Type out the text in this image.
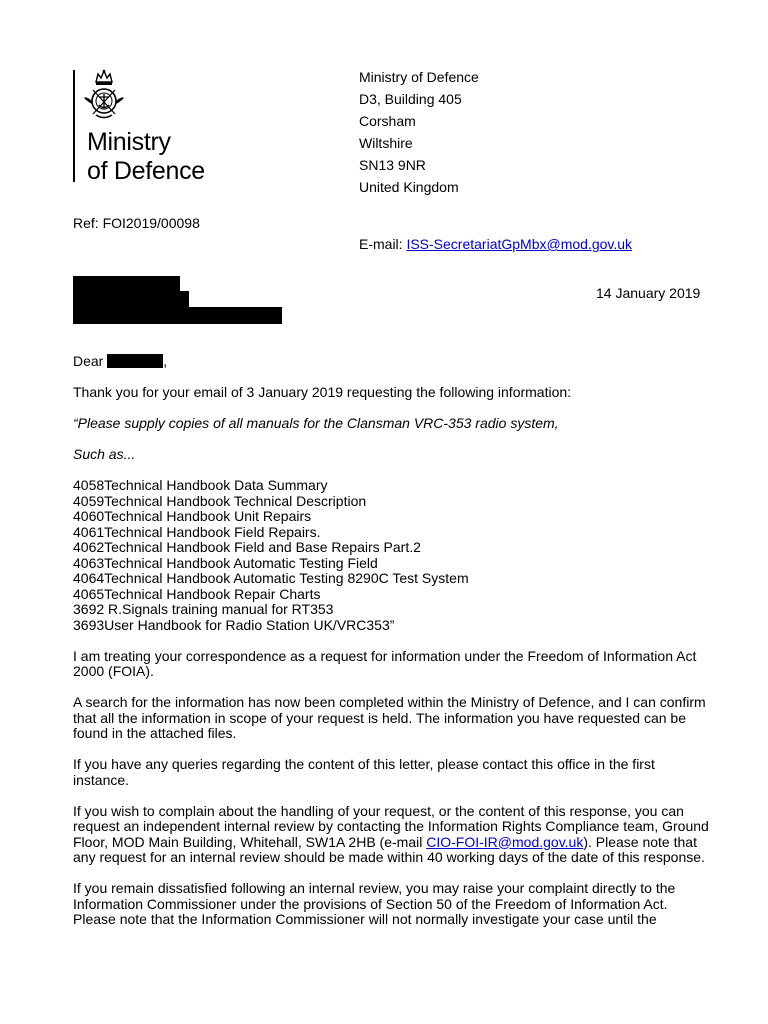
Ministry
of Defence
Ministry of Defence
D3, Building 405
Corsham
Wiltshire
SN13 9NR
United Kingdom
Ref: FOI2019/00098
E-mail: ISS-SecretariatGpMbx@mod.gov.uk
14 January 2019

Dear	,

Thank you for your email of 3 January 2019 requesting the following information:

“Please supply copies of all manuals for the Clansman VRC-353 radio system,

Such as...

4058Technical Handbook Data Summary
4059Technical Handbook Technical Description
4060Technical Handbook Unit Repairs
4061Technical Handbook Field Repairs.
4062Technical Handbook Field and Base Repairs Part.2
4063Technical Handbook Automatic Testing Field
4064Technical Handbook Automatic Testing 8290C Test System
4065Technical Handbook Repair Charts
3692 R.Signals training manual for RT353
3693User Handbook for Radio Station UK/VRC353”

I am treating your correspondence as a request for information under the Freedom of Information Act 2000 (FOIA).

A search for the information has now been completed within the Ministry of Defence, and I can confirm that all the information in scope of your request is held. The information you have requested can be found in the attached files.

If you have any queries regarding the content of this letter, please contact this office in the first instance.

If you wish to complain about the handling of your request, or the content of this response, you can request an independent internal review by contacting the Information Rights Compliance team, Ground Floor, MOD Main Building, Whitehall, SW1A 2HB (e-mail CIO-FOI-IR@mod.gov.uk). Please note that any request for an internal review should be made within 40 working days of the date of this response.

If you remain dissatisfied following an internal review, you may raise your complaint directly to the Information Commissioner under the provisions of Section 50 of the Freedom of Information Act. Please note that the Information Commissioner will not normally investigate your case until the
